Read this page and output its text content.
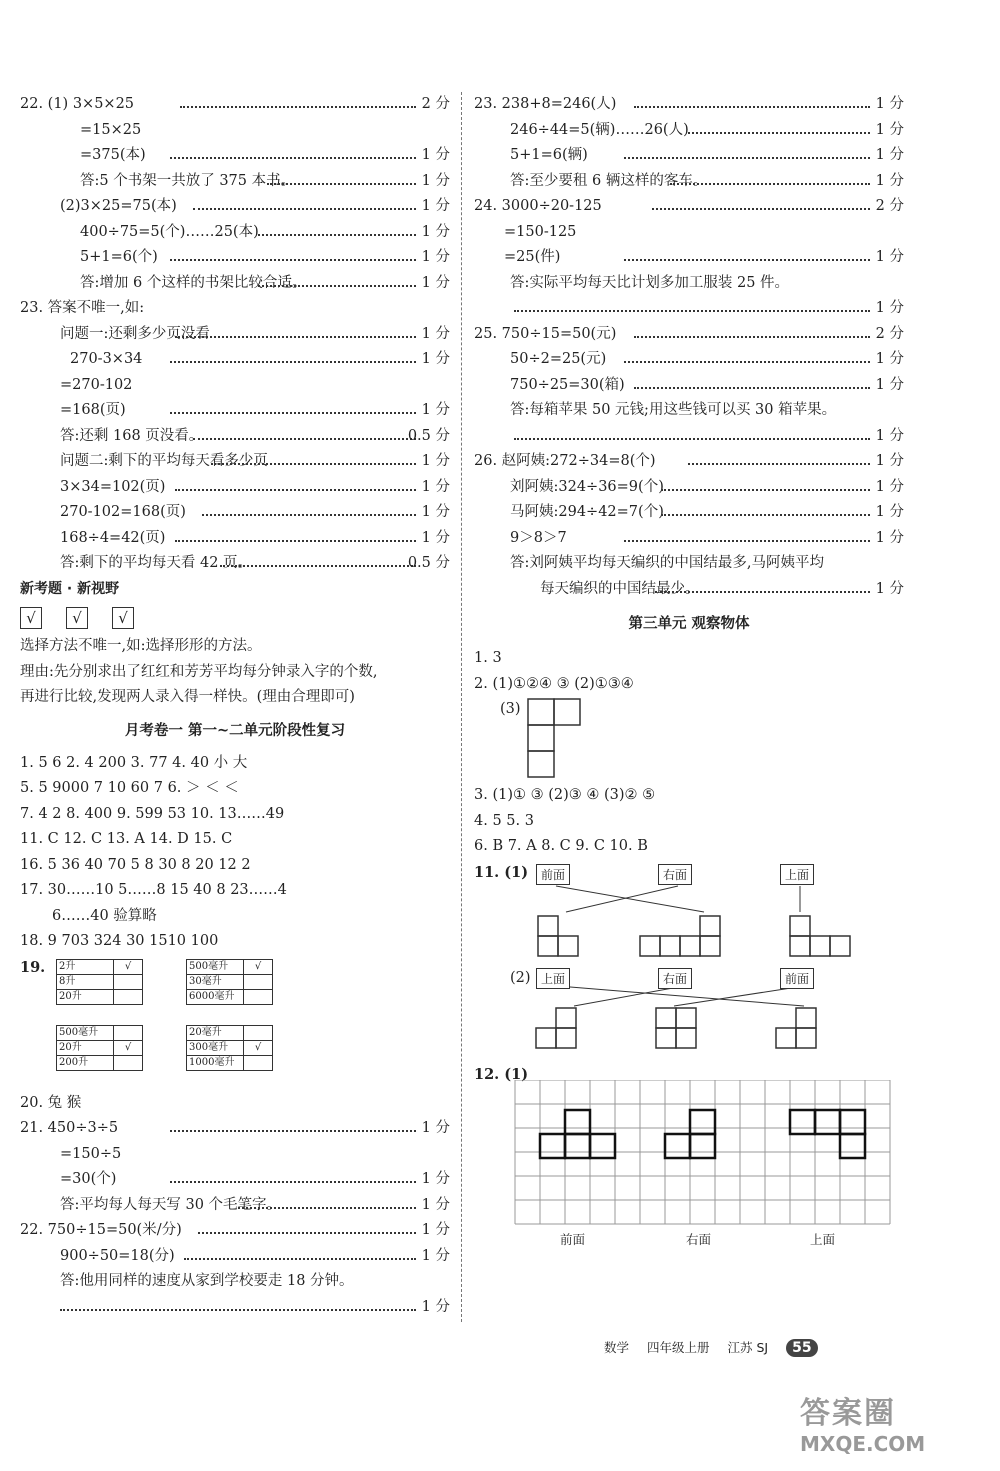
22. (1) 3×5×25	2 分
=15×25
=375(本)	1 分
答:5 个书架一共放了 375 本书。	1 分
(2)3×25=75(本)	1 分
400÷75=5(个)……25(本)	1 分
5+1=6(个)	1 分
答:增加 6 个这样的书架比较合适。	1 分
23. 答案不唯一,如:
问题一:还剩多少页没看	1 分
270-3×34	1 分
=270-102
=168(页)	1 分
答:还剩 168 页没看。	0.5 分
问题二:剩下的平均每天看多少页	1 分
3×34=102(页)	1 分
270-102=168(页)	1 分
168÷4=42(页)	1 分
答:剩下的平均每天看 42 页。	0.5 分
新考题 · 新视野
√ √ √
选择方法不唯一,如:选择形形的方法。
理由:先分别求出了红红和芳芳平均每分钟录入字的个数,
再进行比较,发现两人录入得一样快。(理由合理即可)
月考卷一 第一~二单元阶段性复习
1. 5 6 2. 4 200 3. 77 4. 40 小 大
5. 5 9000 7 10 60 7 6. ＞ ＜ ＜
7. 4 2 8. 400 9. 599 53 10. 13……49
11. C 12. C 13. A 14. D 15. C
16. 5 36 40 70 5 8 30 8 20 12 2
17. 30……10 5……8 15 40 8 23……4
6……40 验算略
18. 9 703 324 30 1510 100
19. 2升	√
8升	
20升	
500毫升	√
30毫升	
6000毫升	
500毫升	
20升	√
200升	
20毫升	
300毫升	√
1000毫升	
20. 兔 猴
21. 450÷3÷5	1 分
=150÷5
=30(个)	1 分
答:平均每人每天写 30 个毛笔字。	1 分
22. 750÷15=50(米/分)	1 分
900÷50=18(分)	1 分
答:他用同样的速度从家到学校要走 18 分钟。
1 分
23. 238+8=246(人)	1 分
246÷44=5(辆)……26(人)	1 分
5+1=6(辆)	1 分
答:至少要租 6 辆这样的客车。	1 分
24. 3000÷20-125	2 分
=150-125
=25(件)	1 分
答:实际平均每天比计划多加工服装 25 件。
1 分
25. 750÷15=50(元)	2 分
50÷2=25(元)	1 分
750÷25=30(箱)	1 分
答:每箱苹果 50 元钱;用这些钱可以买 30 箱苹果。
1 分
26. 赵阿姨:272÷34=8(个)	1 分
刘阿姨:324÷36=9(个)	1 分
马阿姨:294÷42=7(个)	1 分
9＞8＞7	1 分
答:刘阿姨平均每天编织的中国结最多,马阿姨平均
每天编织的中国结最少。	1 分
第三单元 观察物体
1. 3
2. (1)①②④ ③ (2)①③④
(3)
3. (1)① ③ (2)③ ④ (3)② ⑤
4. 5 5. 3
6. B 7. A 8. C 9. C 10. B
11. (1)	前面	右面	上面
(2) 上面	右面	前面
12. (1)
前面	右面	上面
数学 四年级上册 江苏 SJ 55
答案圈
MXQE.COM
